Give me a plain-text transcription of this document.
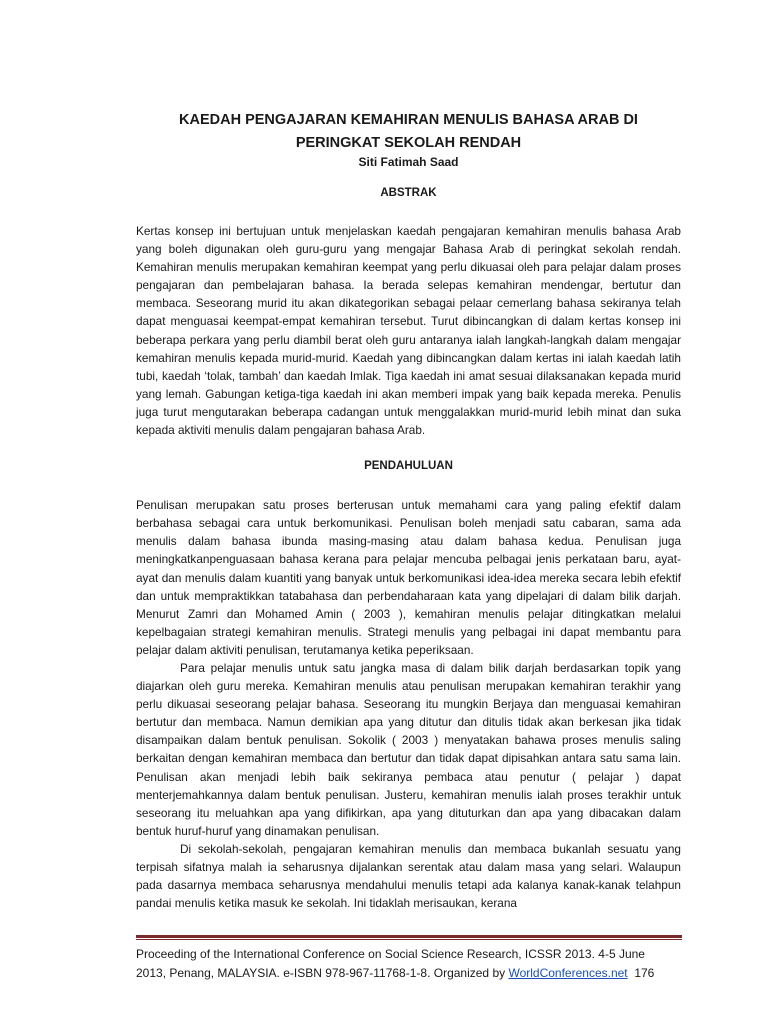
KAEDAH PENGAJARAN KEMAHIRAN MENULIS BAHASA ARAB DI

PERINGKAT SEKOLAH RENDAH

Siti Fatimah Saad

ABSTRAK

Kertas konsep ini bertujuan untuk menjelaskan kaedah pengajaran kemahiran menulis bahasa Arab yang boleh digunakan oleh guru-guru yang mengajar Bahasa Arab di peringkat sekolah rendah. Kemahiran menulis merupakan kemahiran keempat yang perlu dikuasai oleh para pelajar dalam proses pengajaran dan pembelajaran bahasa. Ia berada selepas kemahiran mendengar, bertutur dan membaca. Seseorang murid itu akan dikategorikan sebagai pelaar cemerlang bahasa sekiranya telah dapat menguasai keempat-empat kemahiran tersebut. Turut dibincangkan di dalam kertas konsep ini beberapa perkara yang perlu diambil berat oleh guru antaranya ialah langkah-langkah dalam mengajar kemahiran menulis kepada murid-murid. Kaedah yang dibincangkan dalam kertas ini ialah kaedah latih tubi, kaedah ‘tolak, tambah’ dan kaedah Imlak. Tiga kaedah ini amat sesuai dilaksanakan kepada murid yang lemah. Gabungan ketiga-tiga kaedah ini akan memberi impak yang baik kepada mereka. Penulis juga turut mengutarakan beberapa cadangan untuk menggalakkan murid-murid lebih minat dan suka kepada aktiviti menulis dalam pengajaran bahasa Arab.

PENDAHULUAN

Penulisan merupakan satu proses berterusan untuk memahami cara yang paling efektif dalam berbahasa sebagai cara untuk berkomunikasi. Penulisan boleh menjadi satu cabaran, sama ada menulis dalam bahasa ibunda masing-masing atau dalam bahasa kedua. Penulisan juga meningkatkanpenguasaan bahasa kerana para pelajar mencuba pelbagai jenis perkataan baru, ayat-ayat dan menulis dalam kuantiti yang banyak untuk berkomunikasi idea-idea mereka secara lebih efektif dan untuk mempraktikkan tatabahasa dan perbendaharaan kata yang dipelajari di dalam bilik darjah. Menurut Zamri dan Mohamed Amin ( 2003 ), kemahiran menulis pelajar ditingkatkan melalui kepelbagaian strategi kemahiran menulis. Strategi menulis yang pelbagai ini dapat membantu para pelajar dalam aktiviti penulisan, terutamanya ketika peperiksaan.

Para pelajar menulis untuk satu jangka masa di dalam bilik darjah berdasarkan topik yang diajarkan oleh guru mereka. Kemahiran menulis atau penulisan merupakan kemahiran terakhir yang perlu dikuasai seseorang pelajar bahasa. Seseorang itu mungkin Berjaya dan menguasai kemahiran bertutur dan membaca. Namun demikian apa yang ditutur dan ditulis tidak akan berkesan jika tidak disampaikan dalam bentuk penulisan. Sokolik ( 2003 ) menyatakan bahawa proses menulis saling berkaitan dengan kemahiran membaca dan bertutur dan tidak dapat dipisahkan antara satu sama lain. Penulisan akan menjadi lebih baik sekiranya pembaca atau penutur ( pelajar ) dapat menterjemahkannya dalam bentuk penulisan. Justeru, kemahiran menulis ialah proses terakhir untuk seseorang itu meluahkan apa yang difikirkan, apa yang dituturkan dan apa yang dibacakan dalam bentuk huruf-huruf yang dinamakan penulisan.

Di sekolah-sekolah, pengajaran kemahiran menulis dan membaca bukanlah sesuatu yang terpisah sifatnya malah ia seharusnya dijalankan serentak atau dalam masa yang selari. Walaupun pada dasarnya membaca seharusnya mendahului menulis tetapi ada kalanya kanak-kanak telahpun pandai menulis ketika masuk ke sekolah. Ini tidaklah merisaukan, kerana

Proceeding of the International Conference on Social Science Research, ICSSR 2013. 4-5 June
2013, Penang, MALAYSIA. e-ISBN 978-967-11768-1-8. Organized by WorldConferences.net 176
